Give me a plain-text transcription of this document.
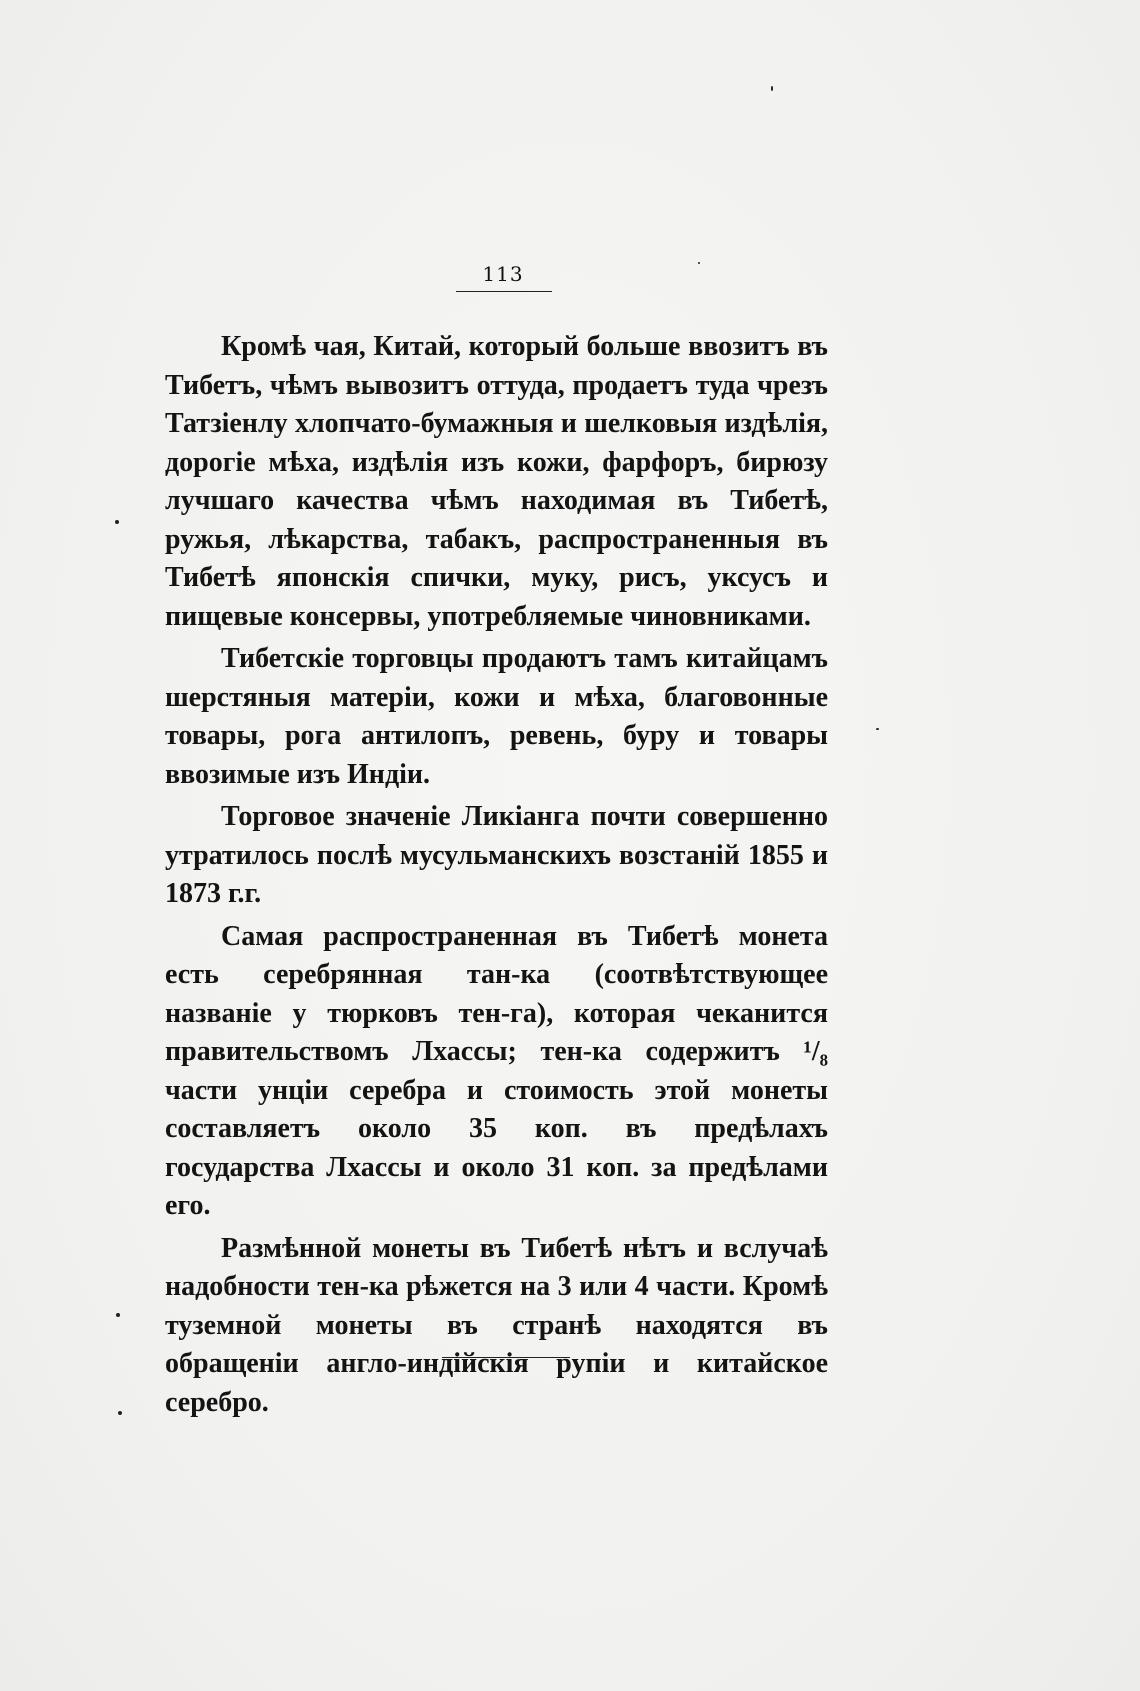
113

Кромѣ чая, Китай, который больше ввозитъ въ Тибетъ, чѣмъ вывозитъ оттуда, продаетъ туда чрезъ Татзіенлу хлопчато-бумажныя и шелковыя издѣлія, дорогіе мѣха, издѣлія изъ кожи, фарфоръ, бирюзу лучшаго качества чѣмъ находимая въ Тибетѣ, ружья, лѣкарства, табакъ, распространенныя въ Тибетѣ японскія спички, муку, рисъ, уксусъ и пищевые консервы, употребляемые чиновниками.

Тибетскіе торговцы продаютъ тамъ китайцамъ шерстяныя матеріи, кожи и мѣха, благовонные товары, рога антилопъ, ревень, буру и товары ввозимые изъ Индіи.

Торговое значеніе Ликіанга почти совершенно утратилось послѣ мусульманскихъ возстаній 1855 и 1873 г.г.

Самая распространенная въ Тибетѣ монета есть серебрянная тан-ка (соотвѣтствующее названіе у тюрковъ тен-га), которая чеканится правительствомъ Лхассы; тен-ка содержитъ ¹/₈ части унціи серебра и стоимость этой монеты составляетъ около 35 коп. въ предѣлахъ государства Лхассы и около 31 коп. за предѣлами его.

Размѣнной монеты въ Тибетѣ нѣтъ и вслучаѣ надобности тен-ка рѣжется на 3 или 4 части. Кромѣ туземной монеты въ странѣ находятся въ обращеніи англо-индійскія рупіи и китайское серебро.
